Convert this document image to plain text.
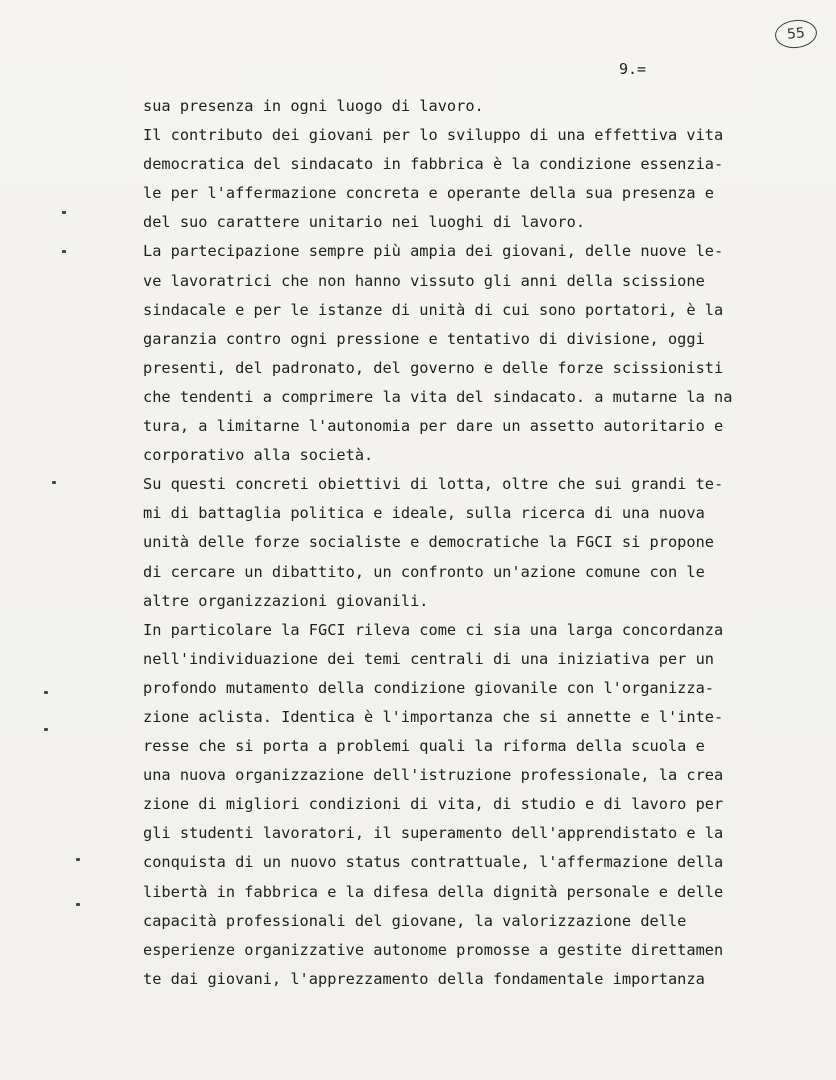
55
9.=
sua presenza in ogni luogo di lavoro.
Il contributo dei giovani per lo sviluppo di una effettiva vita
democratica del sindacato in fabbrica è la condizione essenzia-
le per l'affermazione concreta e operante della sua presenza e
del suo carattere unitario nei luoghi di lavoro.
La partecipazione sempre più ampia dei giovani, delle nuove le-
ve lavoratrici che non hanno vissuto gli anni della scissione
sindacale e per le istanze di unità di cui sono portatori, è la
garanzia contro ogni pressione e tentativo di divisione, oggi
presenti, del padronato, del governo e delle forze scissionisti
che tendenti a comprimere la vita del sindacato. a mutarne la na
tura, a limitarne l'autonomia per dare un assetto autoritario e
corporativo alla società.
Su questi concreti obiettivi di lotta, oltre che sui grandi te-
mi di battaglia politica e ideale, sulla ricerca di una nuova
unità delle forze socialiste e democratiche la FGCI si propone
di cercare un dibattito, un confronto un'azione comune con le
altre organizzazioni giovanili.
In particolare la FGCI rileva come ci sia una larga concordanza
nell'individuazione dei temi centrali di una iniziativa per un
profondo mutamento della condizione giovanile con l'organizza-
zione aclista. Identica è l'importanza che si annette e l'inte-
resse che si porta a problemi quali la riforma della scuola e
una nuova organizzazione dell'istruzione professionale, la crea
zione di migliori condizioni di vita, di studio e di lavoro per
gli studenti lavoratori, il superamento dell'apprendistato e la
conquista di un nuovo status contrattuale, l'affermazione della
libertà in fabbrica e la difesa della dignità personale e delle
capacità professionali del giovane, la valorizzazione delle
esperienze organizzative autonome promosse a gestite direttamen
te dai giovani, l'apprezzamento della fondamentale importanza
